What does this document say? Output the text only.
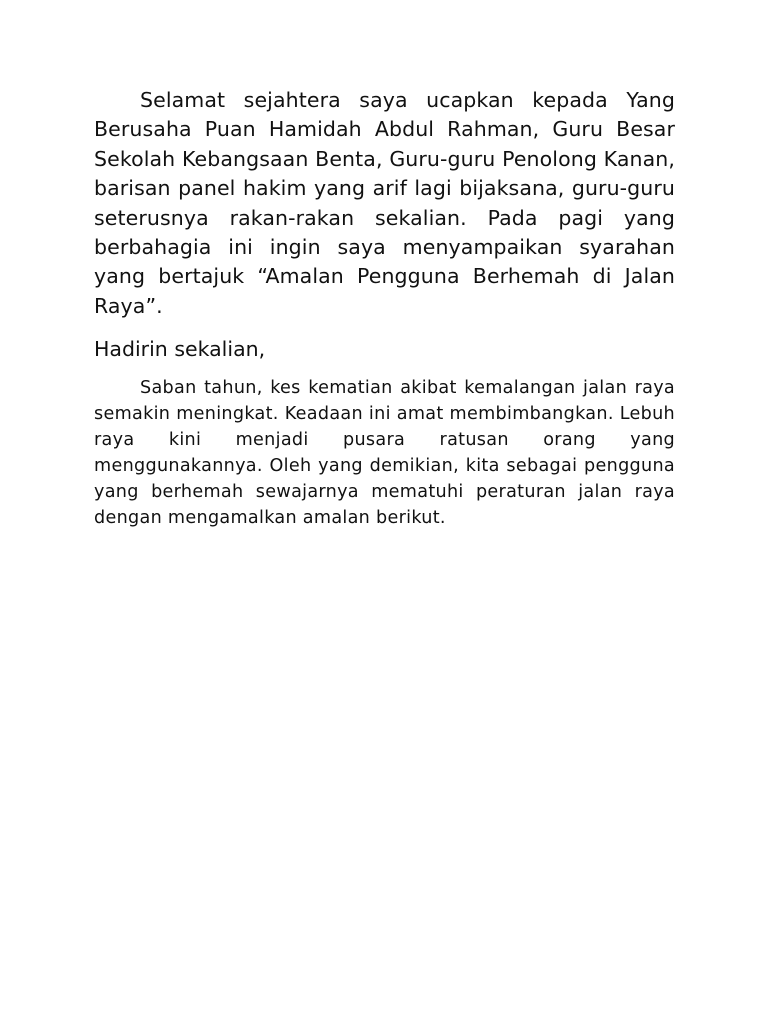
Selamat sejahtera saya ucapkan kepada Yang Berusaha Puan Hamidah Abdul Rahman, Guru Besar Sekolah Kebangsaan Benta, Guru-guru Penolong Kanan, barisan panel hakim yang arif lagi bijaksana, guru-guru seterusnya rakan-rakan sekalian. Pada pagi yang berbahagia ini ingin saya menyampaikan syarahan yang bertajuk “Amalan Pengguna Berhemah di Jalan Raya”.

Hadirin sekalian,

Saban tahun, kes kematian akibat kemalangan jalan raya semakin meningkat. Keadaan ini amat membimbangkan. Lebuh raya kini menjadi pusara ratusan orang yang menggunakannya. Oleh yang demikian, kita sebagai pengguna yang berhemah sewajarnya mematuhi peraturan jalan raya dengan mengamalkan amalan berikut.
